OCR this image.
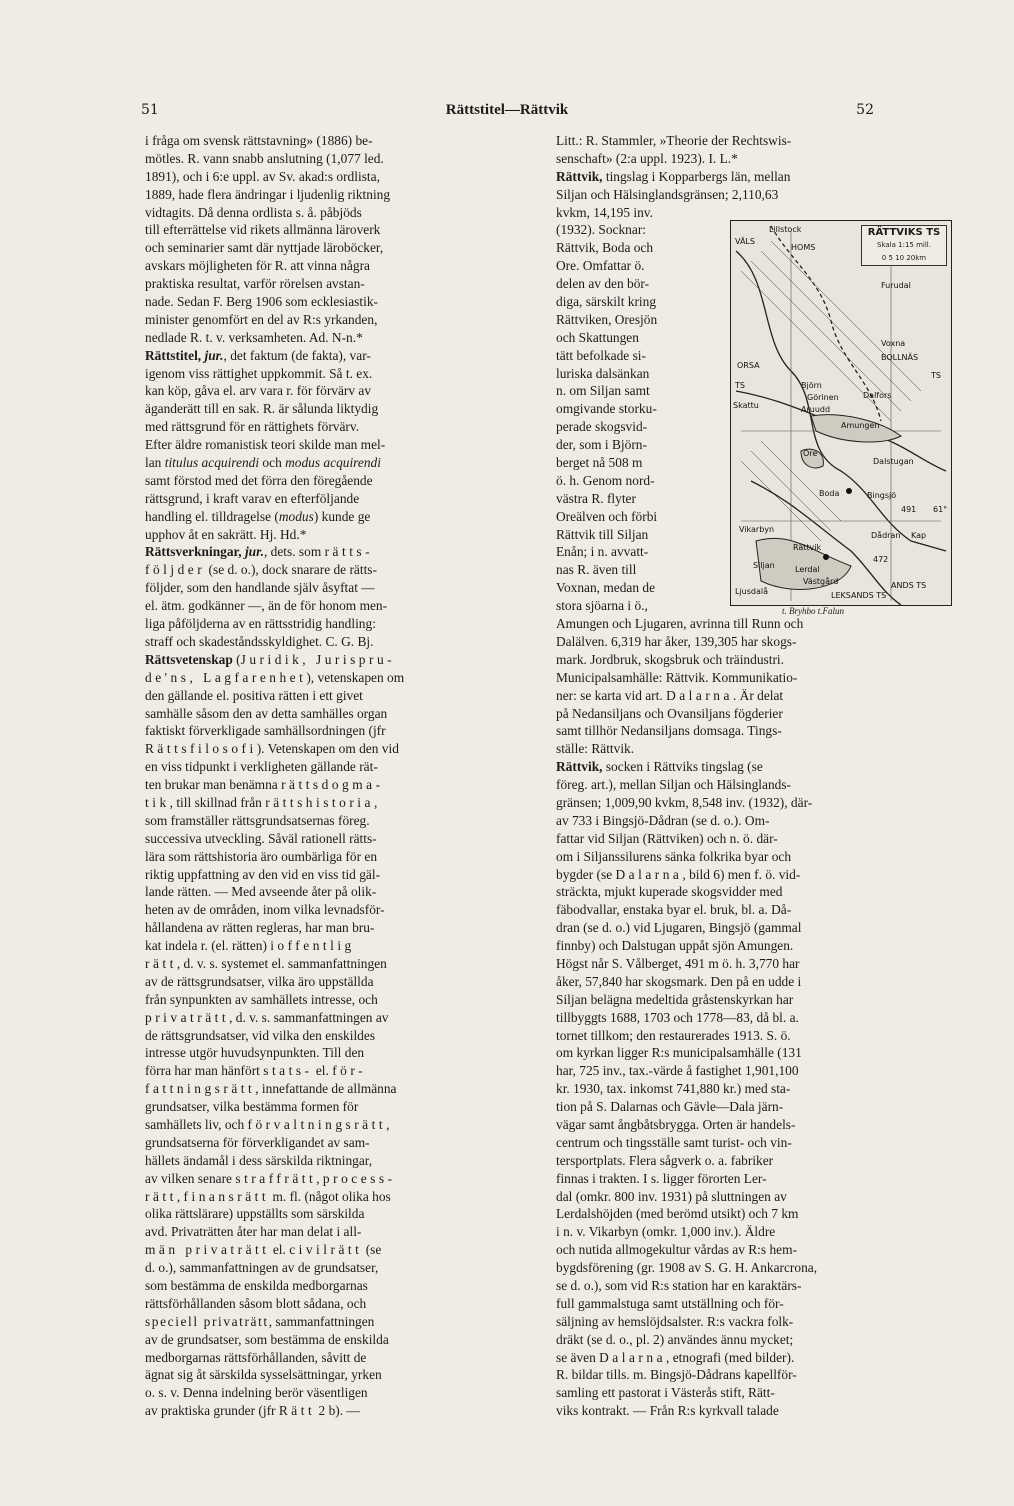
51	Rättstitel—Rättvik	52
i fråga om svensk rättstavning» (1886) be-
mötles. R. vann snabb anslutning (1,077 led.
1891), och i 6:e uppl. av Sv. akad:s ordlista,
1889, hade flera ändringar i ljudenlig riktning
vidtagits. Då denna ordlista s. å. påbjöds
till efterrättelse vid rikets allmänna läroverk
och seminarier samt där nyttjade läroböcker,
avskars möjligheten för R. att vinna några
praktiska resultat, varför rörelsen avstan-
nade. Sedan F. Berg 1906 som ecklesiastik-
minister genomfört en del av R:s yrkanden,
nedlade R. t. v. verksamheten. Ad. N-n.*
Rättstitel, jur., det faktum (de fakta), var-
igenom viss rättighet uppkommit. Så t. ex.
kan köp, gåva el. arv vara r. för förvärv av
äganderätt till en sak. R. är sålunda liktydig
med rättsgrund för en rättighets förvärv.
Efter äldre romanistisk teori skilde man mel-
lan titulus acquirendi och modus acquirendi
samt förstod med det förra den föregående
rättsgrund, i kraft varav en efterföljande
handling el. tilldragelse (modus) kunde ge
upphov åt en sakrätt. Hj. Hd.*
Rättsverkningar, jur., dets. som rätts-
följder (se d. o.), dock snarare de rätts-
följder, som den handlande själv åsyftat —
el. ätm. godkänner —, än de för honom men-
liga påföljderna av en rättsstridig handling:
straff och skadeståndsskyldighet. C. G. Bj.
Rättsvetenskap (Juridik, Jurispru-
de'ns, Lagfarenhet), vetenskapen om
den gällande el. positiva rätten i ett givet
samhälle såsom den av detta samhälles organ
faktiskt förverkligade samhällsordningen (jfr
Rättsfilosofi). Vetenskapen om den vid
en viss tidpunkt i verkligheten gällande rät-
ten brukar man benämna rättsdogma-
tik, till skillnad från rättshistoria,
som framställer rättsgrundsatsernas föreg.
successiva utveckling. Såväl rationell rätts-
lära som rättshistoria äro oumbärliga för en
riktig uppfattning av den vid en viss tid gäl-
lande rätten. — Med avseende åter på olik-
heten av de områden, inom vilka levnadsför-
hållandena av rätten regleras, har man bru-
kat indela r. (el. rätten) i offentlig
rätt, d. v. s. systemet el. sammanfattningen
av de rättsgrundsatser, vilka äro uppställda
från synpunkten av samhällets intresse, och
privaträtt, d. v. s. sammanfattningen av
de rättsgrundsatser, vid vilka den enskildes
intresse utgör huvudsynpunkten. Till den
förra har man hänfört stats- el. för-
fattningsrätt, innefattande de allmänna
grundsatser, vilka bestämma formen för
samhällets liv, och förvaltningsrätt,
grundsatserna för förverkligandet av sam-
hällets ändamål i dess särskilda riktningar,
av vilken senare straffrätt, process-
rätt, finansrätt m. fl. (något olika hos
olika rättslärare) uppställts som särskilda
avd. Privaträtten åter har man delat i all-
män privaträtt el. civilrätt (se
d. o.), sammanfattningen av de grundsatser,
som bestämma de enskilda medborgarnas
rättsförhållanden såsom blott sådana, och
speciell privaträtt, sammanfattningen
av de grundsatser, som bestämma de enskilda
medborgarnas rättsförhållanden, såvitt de
ägnat sig åt särskilda sysselsättningar, yrken
o. s. v. Denna indelning berör väsentligen
av praktiska grunder (jfr Rätt 2 b). —
Litt.: R. Stammler, »Theorie der Rechtswis-
senschaft» (2:a uppl. 1923). I. L.*
Rättvik, tingslag i Kopparbergs län, mellan
Siljan och Hälsinglandsgränsen; 2,110,63
kvkm, 14,195 inv.
(1932). Socknar:
Rättvik, Boda och
Ore. Omfattar ö.
delen av den bör-
diga, särskilt kring
Rättviken, Oresjön
och Skattungen
tätt befolkade si-
luriska dalsänkan
n. om Siljan samt
omgivande storku-
perade skogsvid-
der, som i Björn-
berget nå 508 m
ö. h. Genom nord-
västra R. flyter
Oreälven och förbi
Rättvik till Siljan
Enån; i n. avvatt-
nas R. även till
Voxnan, medan de
stora sjöarna i ö.,
Amungen och Ljugaren, avrinna till Runn och
Dalälven. 6,319 har åker, 139,305 har skogs-
mark. Jordbruk, skogsbruk och träindustri.
Municipalsamhälle: Rättvik. Kommunikatio-
ner: se karta vid art. Dalarna. Är delat
på Nedansiljans och Ovansiljans fögderier
samt tillhör Nedansiljans domsaga. Tings-
ställe: Rättvik.
Rättvik, socken i Rättviks tingslag (se
föreg. art.), mellan Siljan och Hälsinglands-
gränsen; 1,009,90 kvkm, 8,548 inv. (1932), där-
av 733 i Bingsjö-Dådran (se d. o.). Om-
fattar vid Siljan (Rättviken) och n. ö. där-
om i Siljanssilurens sänka folkrika byar och
bygder (se Dalarna, bild 6) men f. ö. vid-
sträckta, mjukt kuperade skogsvidder med
fäbodvallar, enstaka byar el. bruk, bl. a. Då-
dran (se d. o.) vid Ljugaren, Bingsjö (gammal
finnby) och Dalstugan uppåt sjön Amungen.
Högst når S. Vålberget, 491 m ö. h. 3,770 har
åker, 57,840 har skogsmark. Den på en udde i
Siljan belägna medeltida gråstenskyrkan har
tillbyggts 1688, 1703 och 1778—83, då bl. a.
tornet tillkom; den restaurerades 1913. S. ö.
om kyrkan ligger R:s municipalsamhälle (131
har, 725 inv., tax.-värde å fastighet 1,901,100
kr. 1930, tax. inkomst 741,880 kr.) med sta-
tion på S. Dalarnas och Gävle—Dala järn-
vägar samt ångbåtsbrygga. Orten är handels-
centrum och tingsställe samt turist- och vin-
tersportplats. Flera sågverk o. a. fabriker
finnas i trakten. I s. ligger förorten Ler-
dal (omkr. 800 inv. 1931) på sluttningen av
Lerdalshöjden (med berömd utsikt) och 7 km
i n. v. Vikarbyn (omkr. 1,000 inv.). Äldre
och nutida allmogekultur vårdas av R:s hem-
bygdsförening (gr. 1908 av S. G. H. Ankarcrona,
se d. o.), som vid R:s station har en karaktärs-
full gammalstuga samt utställning och för-
säljning av hemslöjdsalster. R:s vackra folk-
dräkt (se d. o., pl. 2) användes ännu mycket;
se även Dalarna, etnografi (med bilder).
R. bildar tills. m. Bingsjö-Dådrans kapellför-
samling ett pastorat i Västerås stift, Rätt-
viks kontrakt. — Från R:s kyrkvall talade
RÄTTVIKS TS
Skala 1:15 mill.
0 5 10 20km
VÄLS
Lillstock
HOMS
Voxna
BOLLNÄS
ORSA
TS	Björn
Görinen
Skattu	Aruudd
Dalfors
TS
Amungen
Ore
Dalstugan
Boda	Bingsjö
491 61°
Vikarbyn
Dådran Kap
Rättvik
Siljan	Lerdal
Västgård
472
ANDS TS
Ljusdalå	LEKSANDS TS
Furudal
t. Bryhbo t.Falun
